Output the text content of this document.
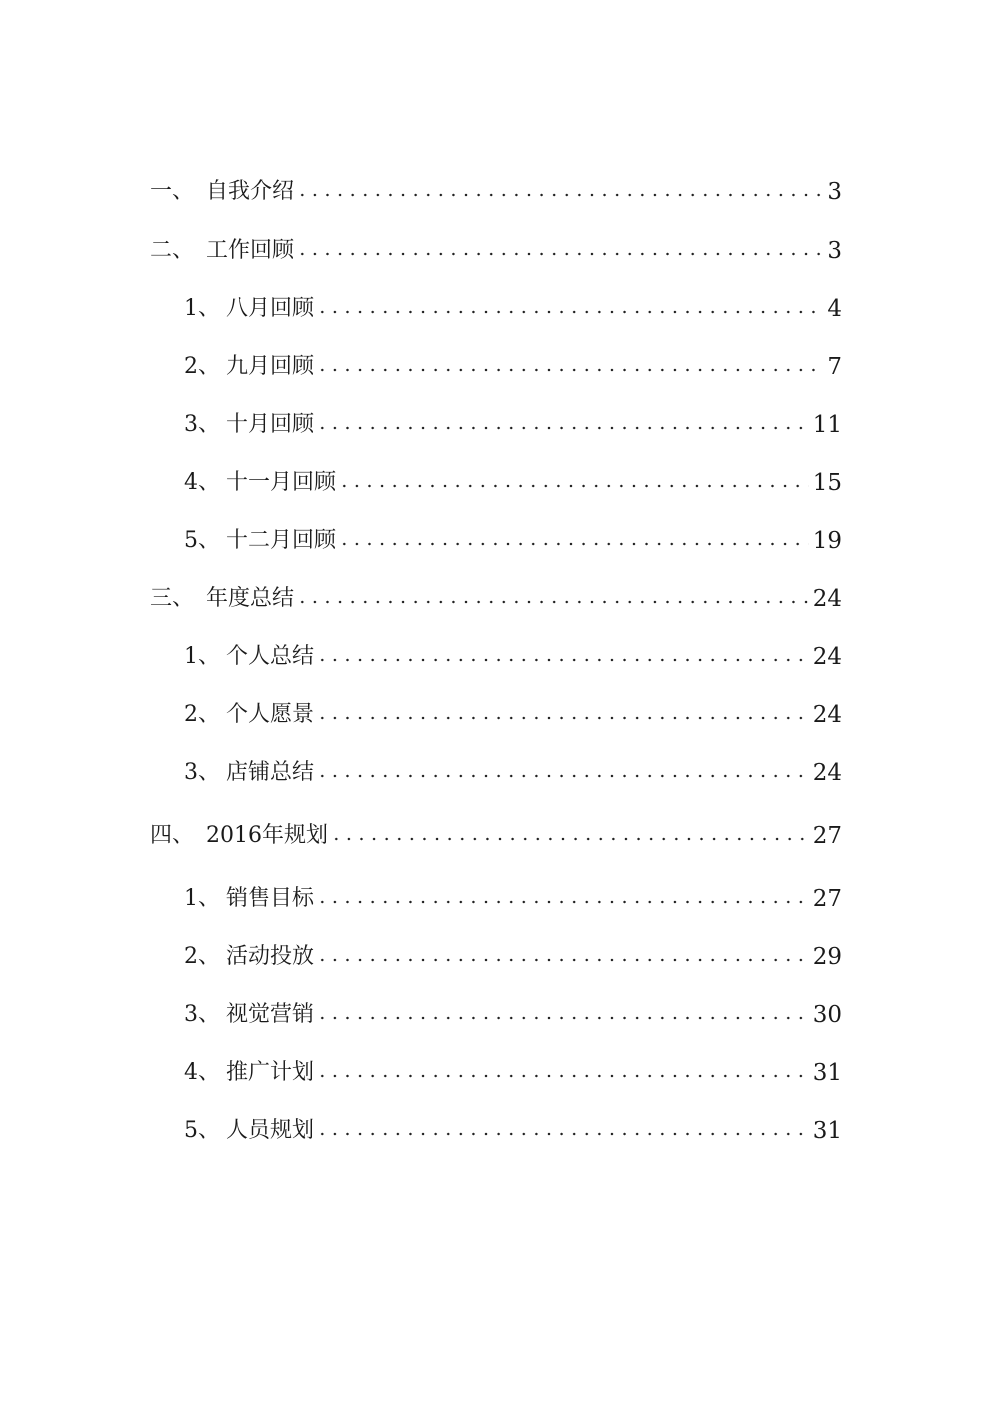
一、 自我介绍	3
二、 工作回顾	3
1、 八月回顾	4
2、 九月回顾	7
3、 十月回顾	11
4、 十一月回顾	15
5、 十二月回顾	19
三、 年度总结	24
1、 个人总结	24
2、 个人愿景	24
3、 店铺总结	24
四、 2016年规划	27
1、 销售目标	27
2、 活动投放	29
3、 视觉营销	30
4、 推广计划	31
5、 人员规划	31
